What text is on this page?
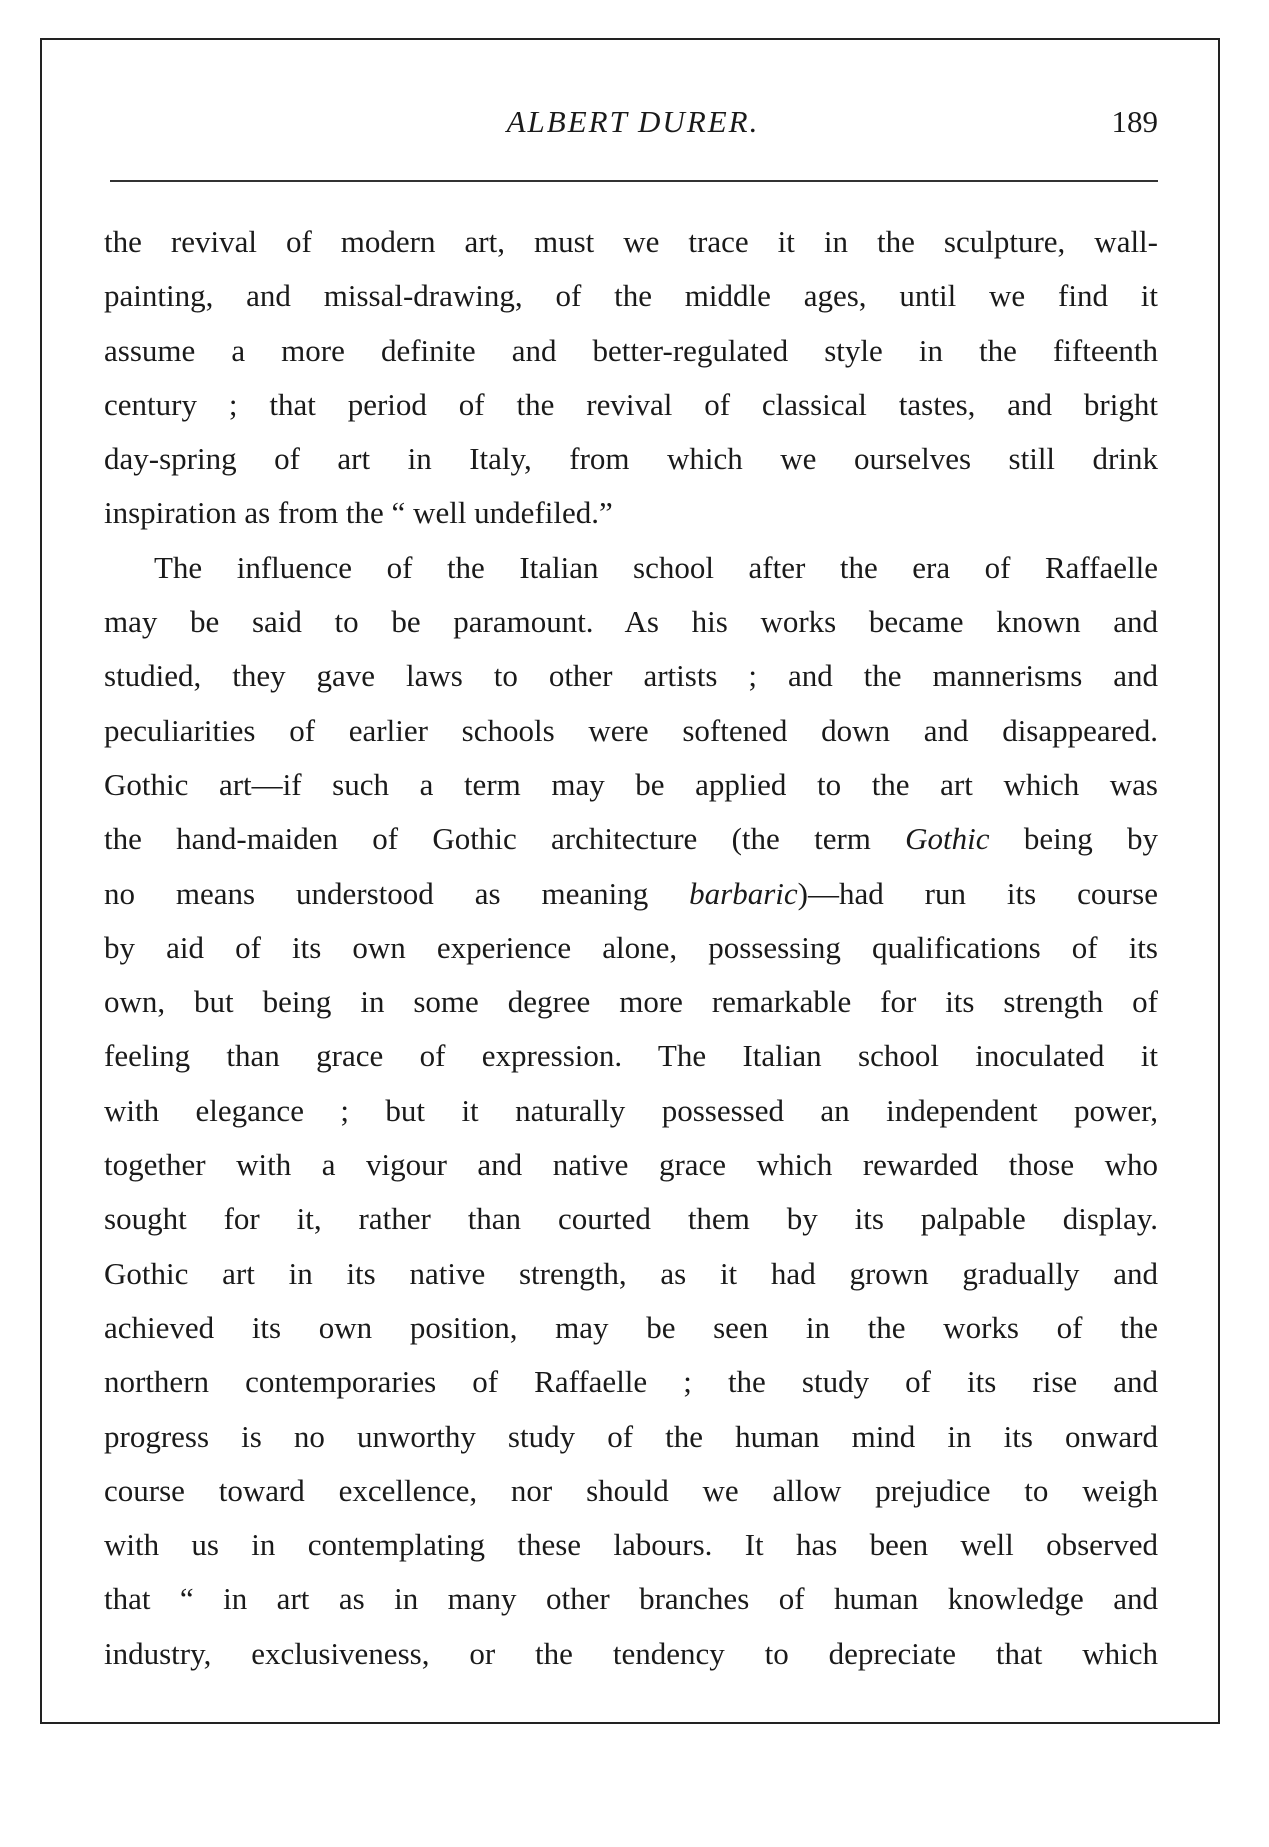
ALBERT DURER.	189
the revival of modern art, must we trace it in the sculpture, wall-
painting, and missal-drawing, of the middle ages, until we find it
assume a more definite and better-regulated style in the fifteenth
century ; that period of the revival of classical tastes, and bright
day-spring of art in Italy, from which we ourselves still drink
inspiration as from the “ well undefiled.”
The influence of the Italian school after the era of Raffaelle
may be said to be paramount. As his works became known and
studied, they gave laws to other artists ; and the mannerisms and
peculiarities of earlier schools were softened down and disappeared.
Gothic art—if such a term may be applied to the art which was
the hand-maiden of Gothic architecture (the term Gothic being by
no means understood as meaning barbaric)—had run its course
by aid of its own experience alone, possessing qualifications of its
own, but being in some degree more remarkable for its strength of
feeling than grace of expression. The Italian school inoculated it
with elegance ; but it naturally possessed an independent power,
together with a vigour and native grace which rewarded those who
sought for it, rather than courted them by its palpable display.
Gothic art in its native strength, as it had grown gradually and
achieved its own position, may be seen in the works of the
northern contemporaries of Raffaelle ; the study of its rise and
progress is no unworthy study of the human mind in its onward
course toward excellence, nor should we allow prejudice to weigh
with us in contemplating these labours. It has been well observed
that “ in art as in many other branches of human knowledge and
industry, exclusiveness, or the tendency to depreciate that which
